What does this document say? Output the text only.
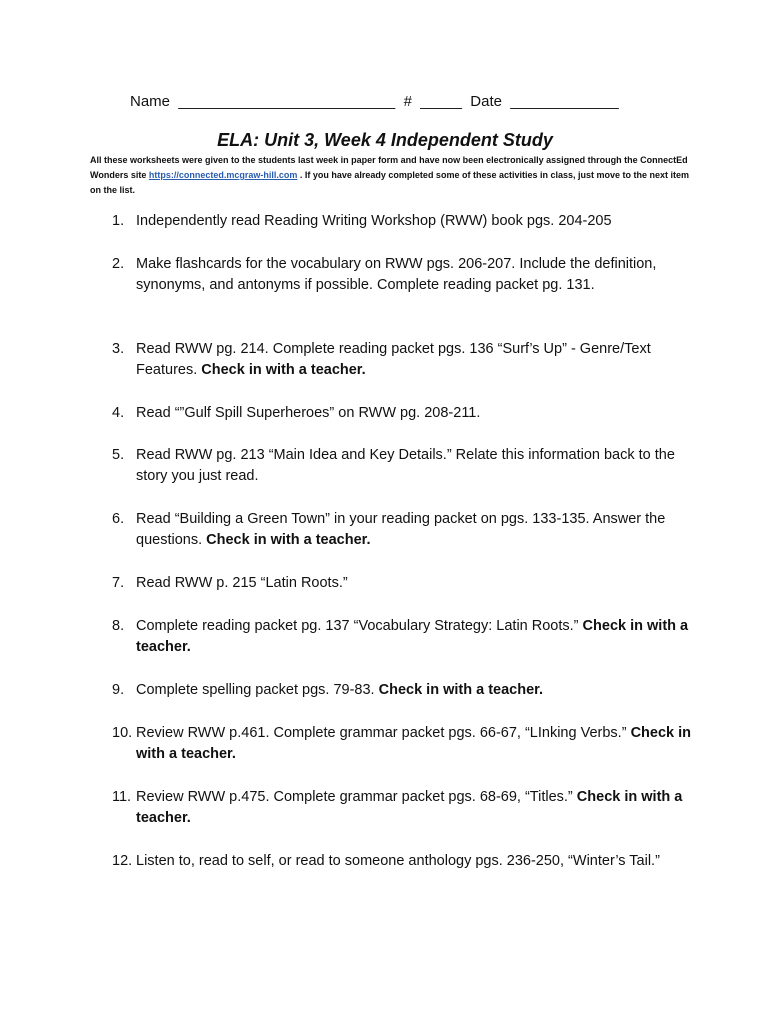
Name  __________________________  #  _____  Date  _____________
ELA: Unit 3, Week 4 Independent Study
All these worksheets were given to the students last week in paper form and have now been electronically assigned through the ConnectEd Wonders site https://connected.mcgraw-hill.com . If you have already completed some of these activities in class, just move to the next item on the list.
1. Independently read Reading Writing Workshop (RWW) book pgs. 204-205
2. Make flashcards for the vocabulary on RWW pgs. 206-207. Include the definition, synonyms, and antonyms if possible. Complete reading packet pg. 131.
3. Read RWW pg. 214. Complete reading packet pgs. 136 “Surf’s Up” - Genre/Text Features. Check in with a teacher.
4. Read “”Gulf Spill Superheroes” on RWW pg. 208-211.
5. Read RWW pg. 213 “Main Idea and Key Details.” Relate this information back to the story you just read.
6. Read “Building a Green Town” in your reading packet on pgs. 133-135. Answer the questions. Check in with a teacher.
7. Read RWW p. 215 “Latin Roots.”
8. Complete reading packet pg. 137 “Vocabulary Strategy: Latin Roots.” Check in with a teacher.
9. Complete spelling packet pgs. 79-83. Check in with a teacher.
10. Review RWW p.461. Complete grammar packet pgs. 66-67, “LInking Verbs.” Check in with a teacher.
11. Review RWW p.475. Complete grammar packet pgs. 68-69, “Titles.” Check in with a teacher.
12. Listen to, read to self, or read to someone anthology pgs. 236-250, “Winter’s Tail.”
